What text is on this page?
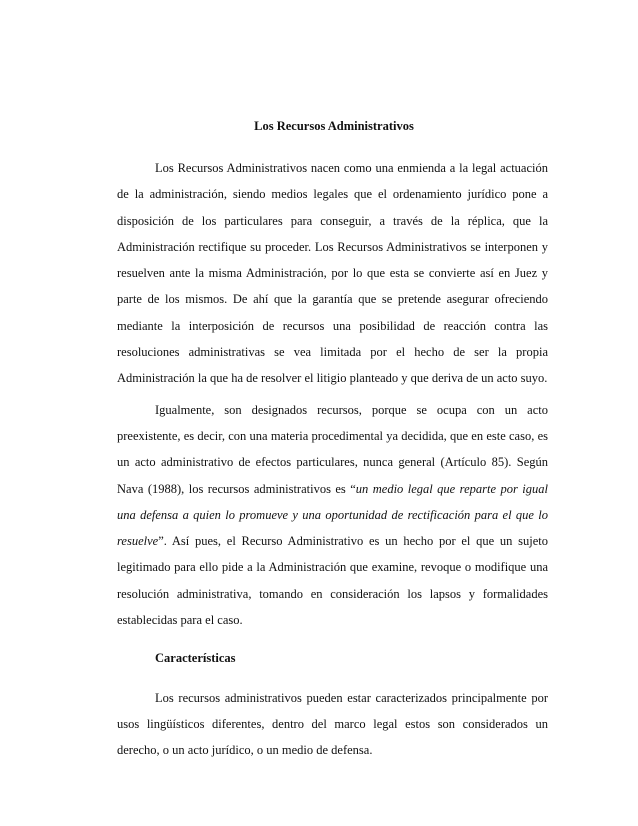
Los Recursos Administrativos

Los Recursos Administrativos nacen como una enmienda a la legal actuación de la administración, siendo medios legales que el ordenamiento jurídico pone a disposición de los particulares para conseguir, a través de la réplica, que la Administración rectifique su proceder. Los Recursos Administrativos se interponen y resuelven ante la misma Administración, por lo que esta se convierte así en Juez y parte de los mismos. De ahí que la garantía que se pretende asegurar ofreciendo mediante la interposición de recursos una posibilidad de reacción contra las resoluciones administrativas se vea limitada por el hecho de ser la propia Administración la que ha de resolver el litigio planteado y que deriva de un acto suyo.

Igualmente, son designados recursos, porque se ocupa con un acto preexistente, es decir, con una materia procedimental ya decidida, que en este caso, es un acto administrativo de efectos particulares, nunca general (Artículo 85). Según Nava (1988), los recursos administrativos es “un medio legal que reparte por igual una defensa a quien lo promueve y una oportunidad de rectificación para el que lo resuelve”. Así pues, el Recurso Administrativo es un hecho por el que un sujeto legitimado para ello pide a la Administración que examine, revoque o modifique una resolución administrativa, tomando en consideración los lapsos y formalidades establecidas para el caso.

Características

Los recursos administrativos pueden estar caracterizados principalmente por usos lingüísticos diferentes, dentro del marco legal estos son considerados un derecho, o un acto jurídico, o un medio de defensa.
